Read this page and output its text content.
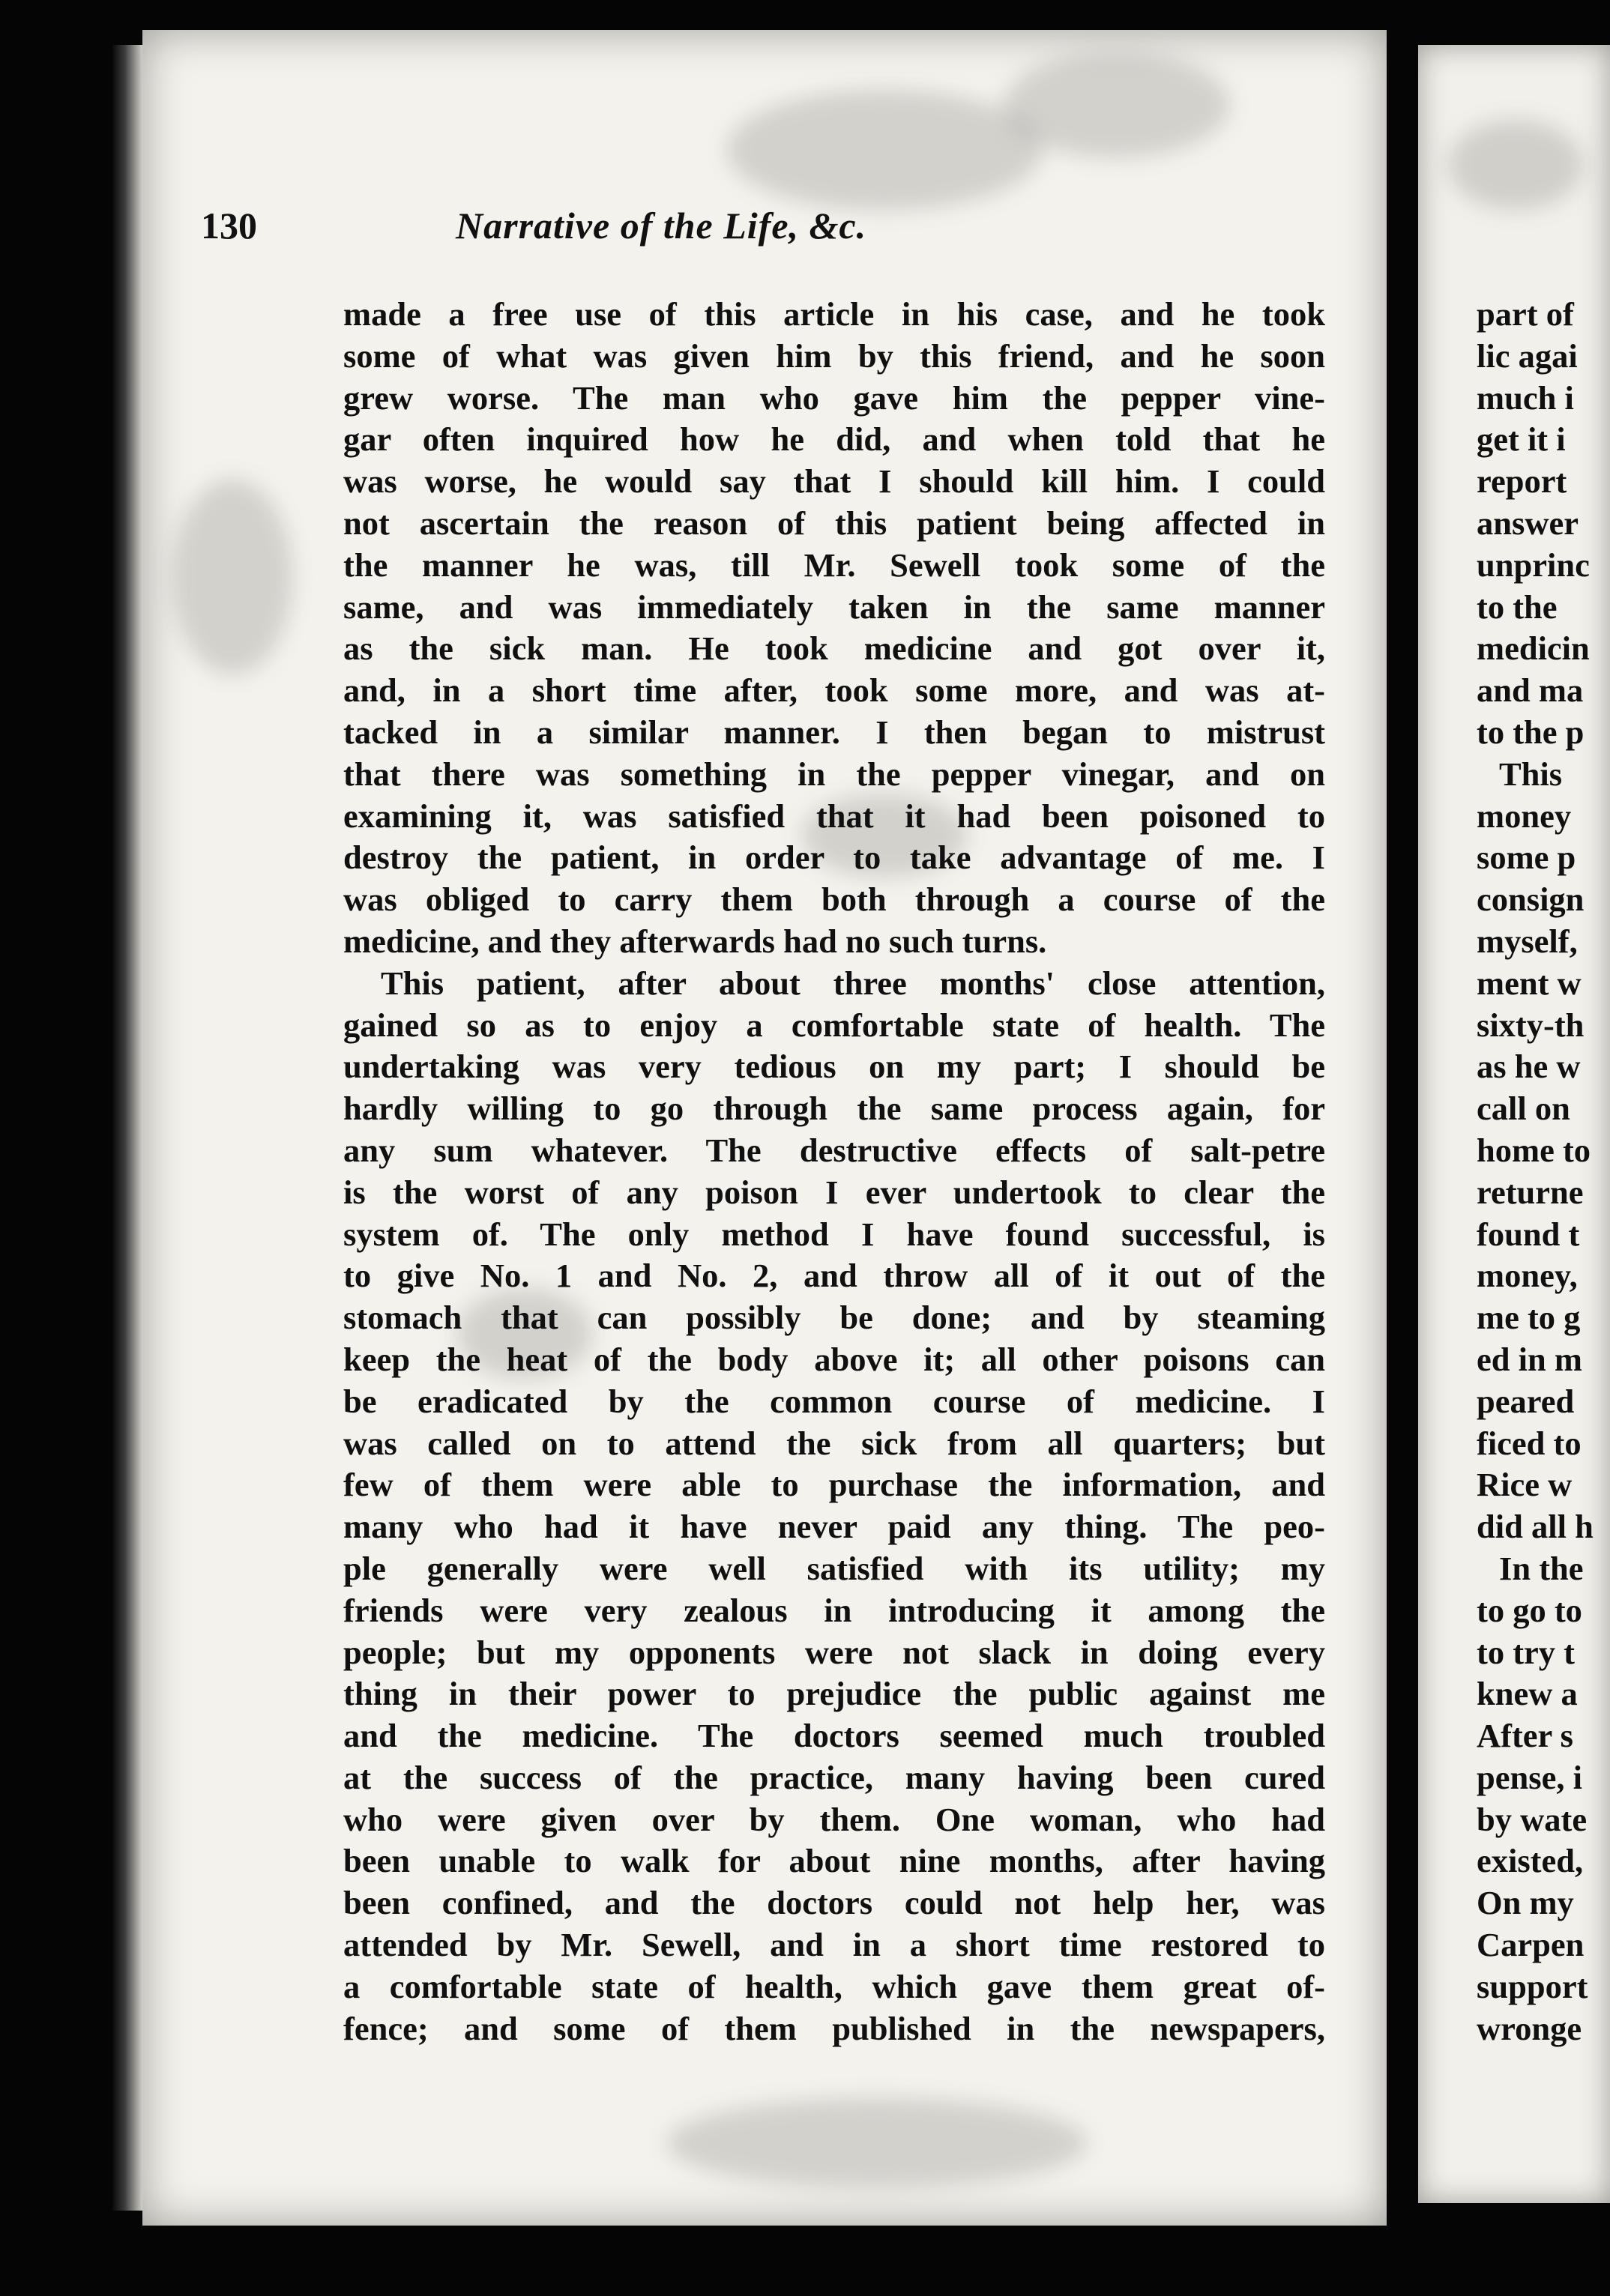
130	Narrative of the Life, &c.
made a free use of this article in his case, and he took
some of what was given him by this friend, and he soon
grew worse. The man who gave him the pepper vine-
gar often inquired how he did, and when told that he
was worse, he would say that I should kill him. I could
not ascertain the reason of this patient being affected in
the manner he was, till Mr. Sewell took some of the
same, and was immediately taken in the same manner
as the sick man. He took medicine and got over it,
and, in a short time after, took some more, and was at-
tacked in a similar manner. I then began to mistrust
that there was something in the pepper vinegar, and on
examining it, was satisfied that it had been poisoned to
destroy the patient, in order to take advantage of me. I
was obliged to carry them both through a course of the
medicine, and they afterwards had no such turns.
This patient, after about three months' close attention,
gained so as to enjoy a comfortable state of health. The
undertaking was very tedious on my part; I should be
hardly willing to go through the same process again, for
any sum whatever. The destructive effects of salt-petre
is the worst of any poison I ever undertook to clear the
system of. The only method I have found successful, is
to give No. 1 and No. 2, and throw all of it out of the
stomach that can possibly be done; and by steaming
keep the heat of the body above it; all other poisons can
be eradicated by the common course of medicine. I
was called on to attend the sick from all quarters; but
few of them were able to purchase the information, and
many who had it have never paid any thing. The peo-
ple generally were well satisfied with its utility; my
friends were very zealous in introducing it among the
people; but my opponents were not slack in doing every
thing in their power to prejudice the public against me
and the medicine. The doctors seemed much troubled
at the success of the practice, many having been cured
who were given over by them. One woman, who had
been unable to walk for about nine months, after having
been confined, and the doctors could not help her, was
attended by Mr. Sewell, and in a short time restored to
a comfortable state of health, which gave them great of-
fence; and some of them published in the newspapers,
part of
lic agai
much i
get it i
report
answer
unprinc
to the
medicin
and ma
to the p
This
money
some p
consign
myself,
ment w
sixty-th
as he w
call on
home to
returne
found t
money,
me to g
ed in m
peared
ficed to
Rice w
did all h
In the
to go to
to try t
knew a
After s
pense, i
by wate
existed,
On my
Carpen
support
wronge
